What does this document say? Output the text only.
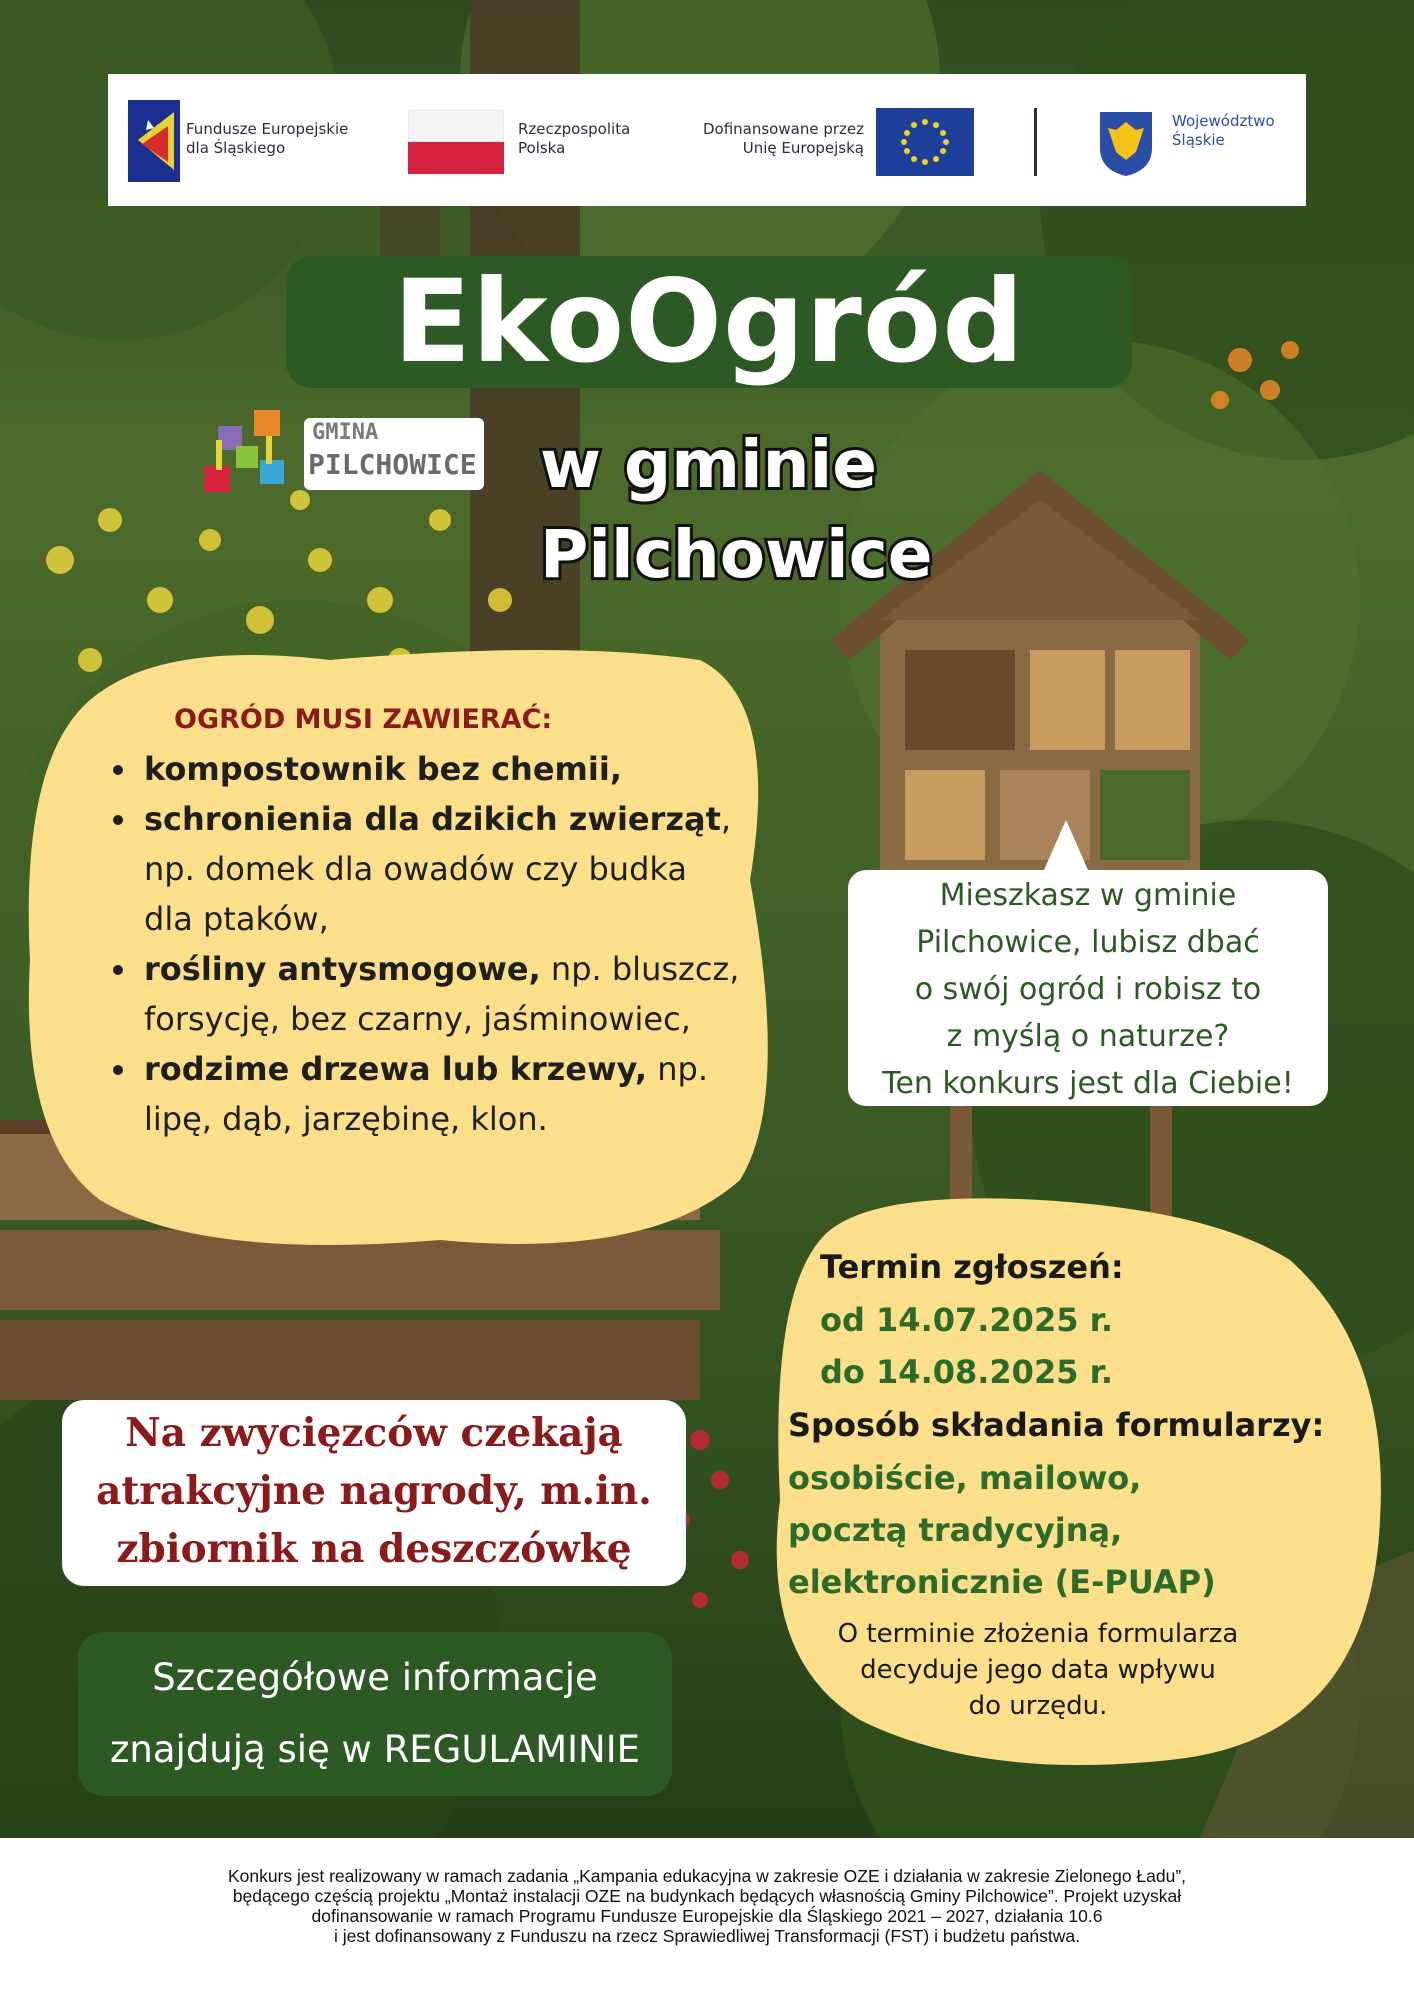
Fundusze Europejskie
dla Śląskiego
Rzeczpospolita
Polska
Dofinansowane przez
Unię Europejską
Województwo
Śląskie
EkoOgród
GMINA
PILCHOWICE w gminie Pilchowice
OGRÓD MUSI ZAWIERAĆ:
• kompostownik bez chemii,
• schronienia dla dzikich zwierząt, np. domek dla owadów czy budka dla ptaków,
• rośliny antysmogowe, np. bluszcz, forsycję, bez czarny, jaśminowiec,
• rodzime drzewa lub krzewy, np. lipę, dąb, jarzębinę, klon.
Mieszkasz w gminie
Pilchowice, lubisz dbać
o swój ogród i robisz to
z myślą o naturze?
Ten konkurs jest dla Ciebie!
Termin zgłoszeń:
od 14.07.2025 r.
do 14.08.2025 r.
Sposób składania formularzy:
osobiście, mailowo,
pocztą tradycyjną,
elektronicznie (E-PUAP)
O terminie złożenia formularza
decyduje jego data wpływu
do urzędu.
Na zwycięzców czekają
atrakcyjne nagrody, m.in.
zbiornik na deszczówkę
Szczegółowe informacje
znajdują się w REGULAMINIE
Konkurs jest realizowany w ramach zadania „Kampania edukacyjna w zakresie OZE i działania w zakresie Zielonego Ładu”,
będącego częścią projektu „Montaż instalacji OZE na budynkach będących własnością Gminy Pilchowice”. Projekt uzyskał
dofinansowanie w ramach Programu Fundusze Europejskie dla Śląskiego 2021 – 2027, działania 10.6
i jest dofinansowany z Funduszu na rzecz Sprawiedliwej Transformacji (FST) i budżetu państwa.
